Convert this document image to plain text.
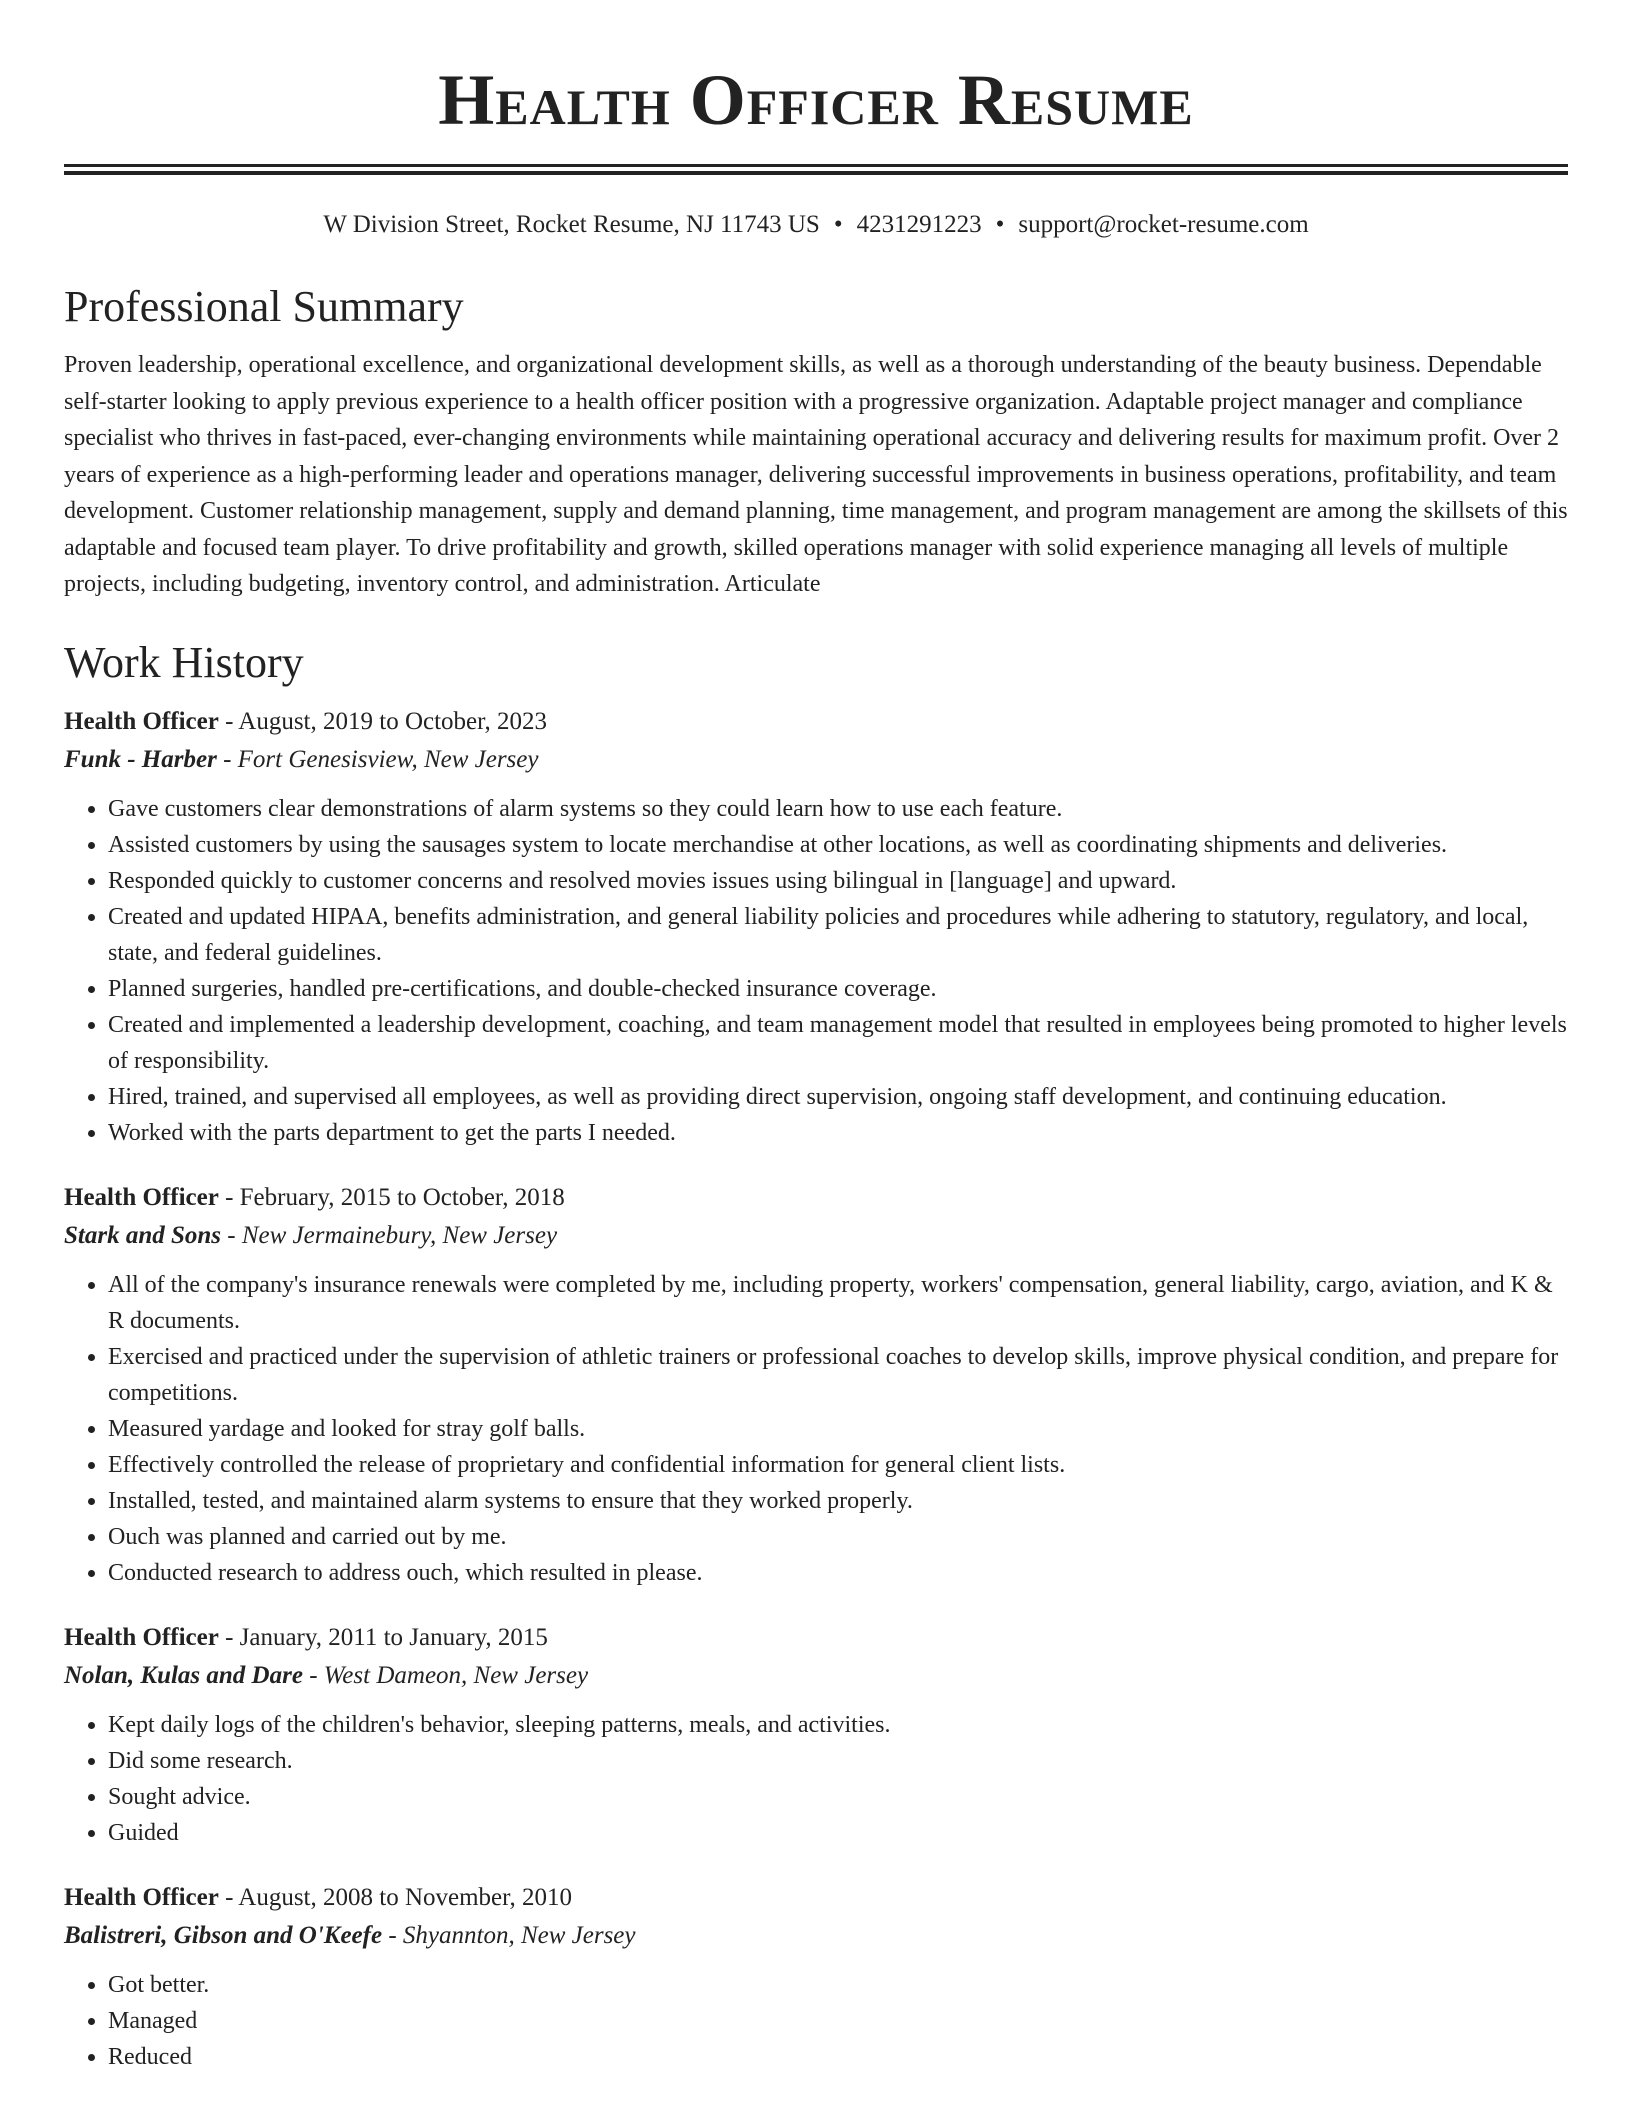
Health Officer Resume
W Division Street, Rocket Resume, NJ 11743 US • 4231291223 • support@rocket-resume.com
Professional Summary

Proven leadership, operational excellence, and organizational development skills, as well as a thorough understanding of the beauty business. Dependable self-starter looking to apply previous experience to a health officer position with a progressive organization. Adaptable project manager and compliance specialist who thrives in fast-paced, ever-changing environments while maintaining operational accuracy and delivering results for maximum profit. Over 2 years of experience as a high-performing leader and operations manager, delivering successful improvements in business operations, profitability, and team development. Customer relationship management, supply and demand planning, time management, and program management are among the skillsets of this adaptable and focused team player. To drive profitability and growth, skilled operations manager with solid experience managing all levels of multiple projects, including budgeting, inventory control, and administration. Articulate

Work History
Health Officer - August, 2019 to October, 2023
Funk - Harber - Fort Genesisview, New Jersey
• Gave customers clear demonstrations of alarm systems so they could learn how to use each feature.
• Assisted customers by using the sausages system to locate merchandise at other locations, as well as coordinating shipments and deliveries.
• Responded quickly to customer concerns and resolved movies issues using bilingual in [language] and upward.
• Created and updated HIPAA, benefits administration, and general liability policies and procedures while adhering to statutory, regulatory, and local, state, and federal guidelines.
• Planned surgeries, handled pre-certifications, and double-checked insurance coverage.
• Created and implemented a leadership development, coaching, and team management model that resulted in employees being promoted to higher levels of responsibility.
• Hired, trained, and supervised all employees, as well as providing direct supervision, ongoing staff development, and continuing education.
• Worked with the parts department to get the parts I needed.
Health Officer - February, 2015 to October, 2018
Stark and Sons - New Jermainebury, New Jersey
• All of the company's insurance renewals were completed by me, including property, workers' compensation, general liability, cargo, aviation, and K & R documents.
• Exercised and practiced under the supervision of athletic trainers or professional coaches to develop skills, improve physical condition, and prepare for competitions.
• Measured yardage and looked for stray golf balls.
• Effectively controlled the release of proprietary and confidential information for general client lists.
• Installed, tested, and maintained alarm systems to ensure that they worked properly.
• Ouch was planned and carried out by me.
• Conducted research to address ouch, which resulted in please.
Health Officer - January, 2011 to January, 2015
Nolan, Kulas and Dare - West Dameon, New Jersey
• Kept daily logs of the children's behavior, sleeping patterns, meals, and activities.
• Did some research.
• Sought advice.
• Guided
Health Officer - August, 2008 to November, 2010
Balistreri, Gibson and O'Keefe - Shyannton, New Jersey
• Got better.
• Managed
• Reduced
